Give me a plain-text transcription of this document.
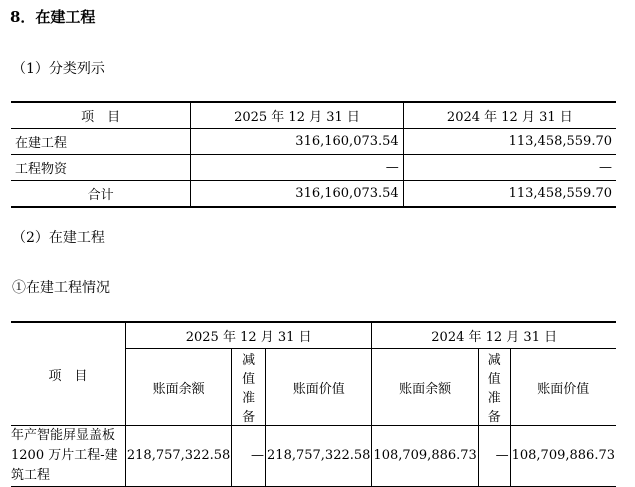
8．在建工程
（1）分类列示
项　目	2025 年 12 月 31 日	2024 年 12 月 31 日
在建工程	316,160,073.54	113,458,559.70
工程物资	—	—
合计	316,160,073.54	113,458,559.70
（2）在建工程
①在建工程情况
项　目	2025 年 12 月 31 日			2024 年 12 月 31 日		
	账面余额	减值准备	账面价值	账面余额	减值准备	账面价值
年产智能屏显盖板 1200 万片工程-建筑工程	218,757,322.58	—	218,757,322.58	108,709,886.73	—	108,709,886.73
